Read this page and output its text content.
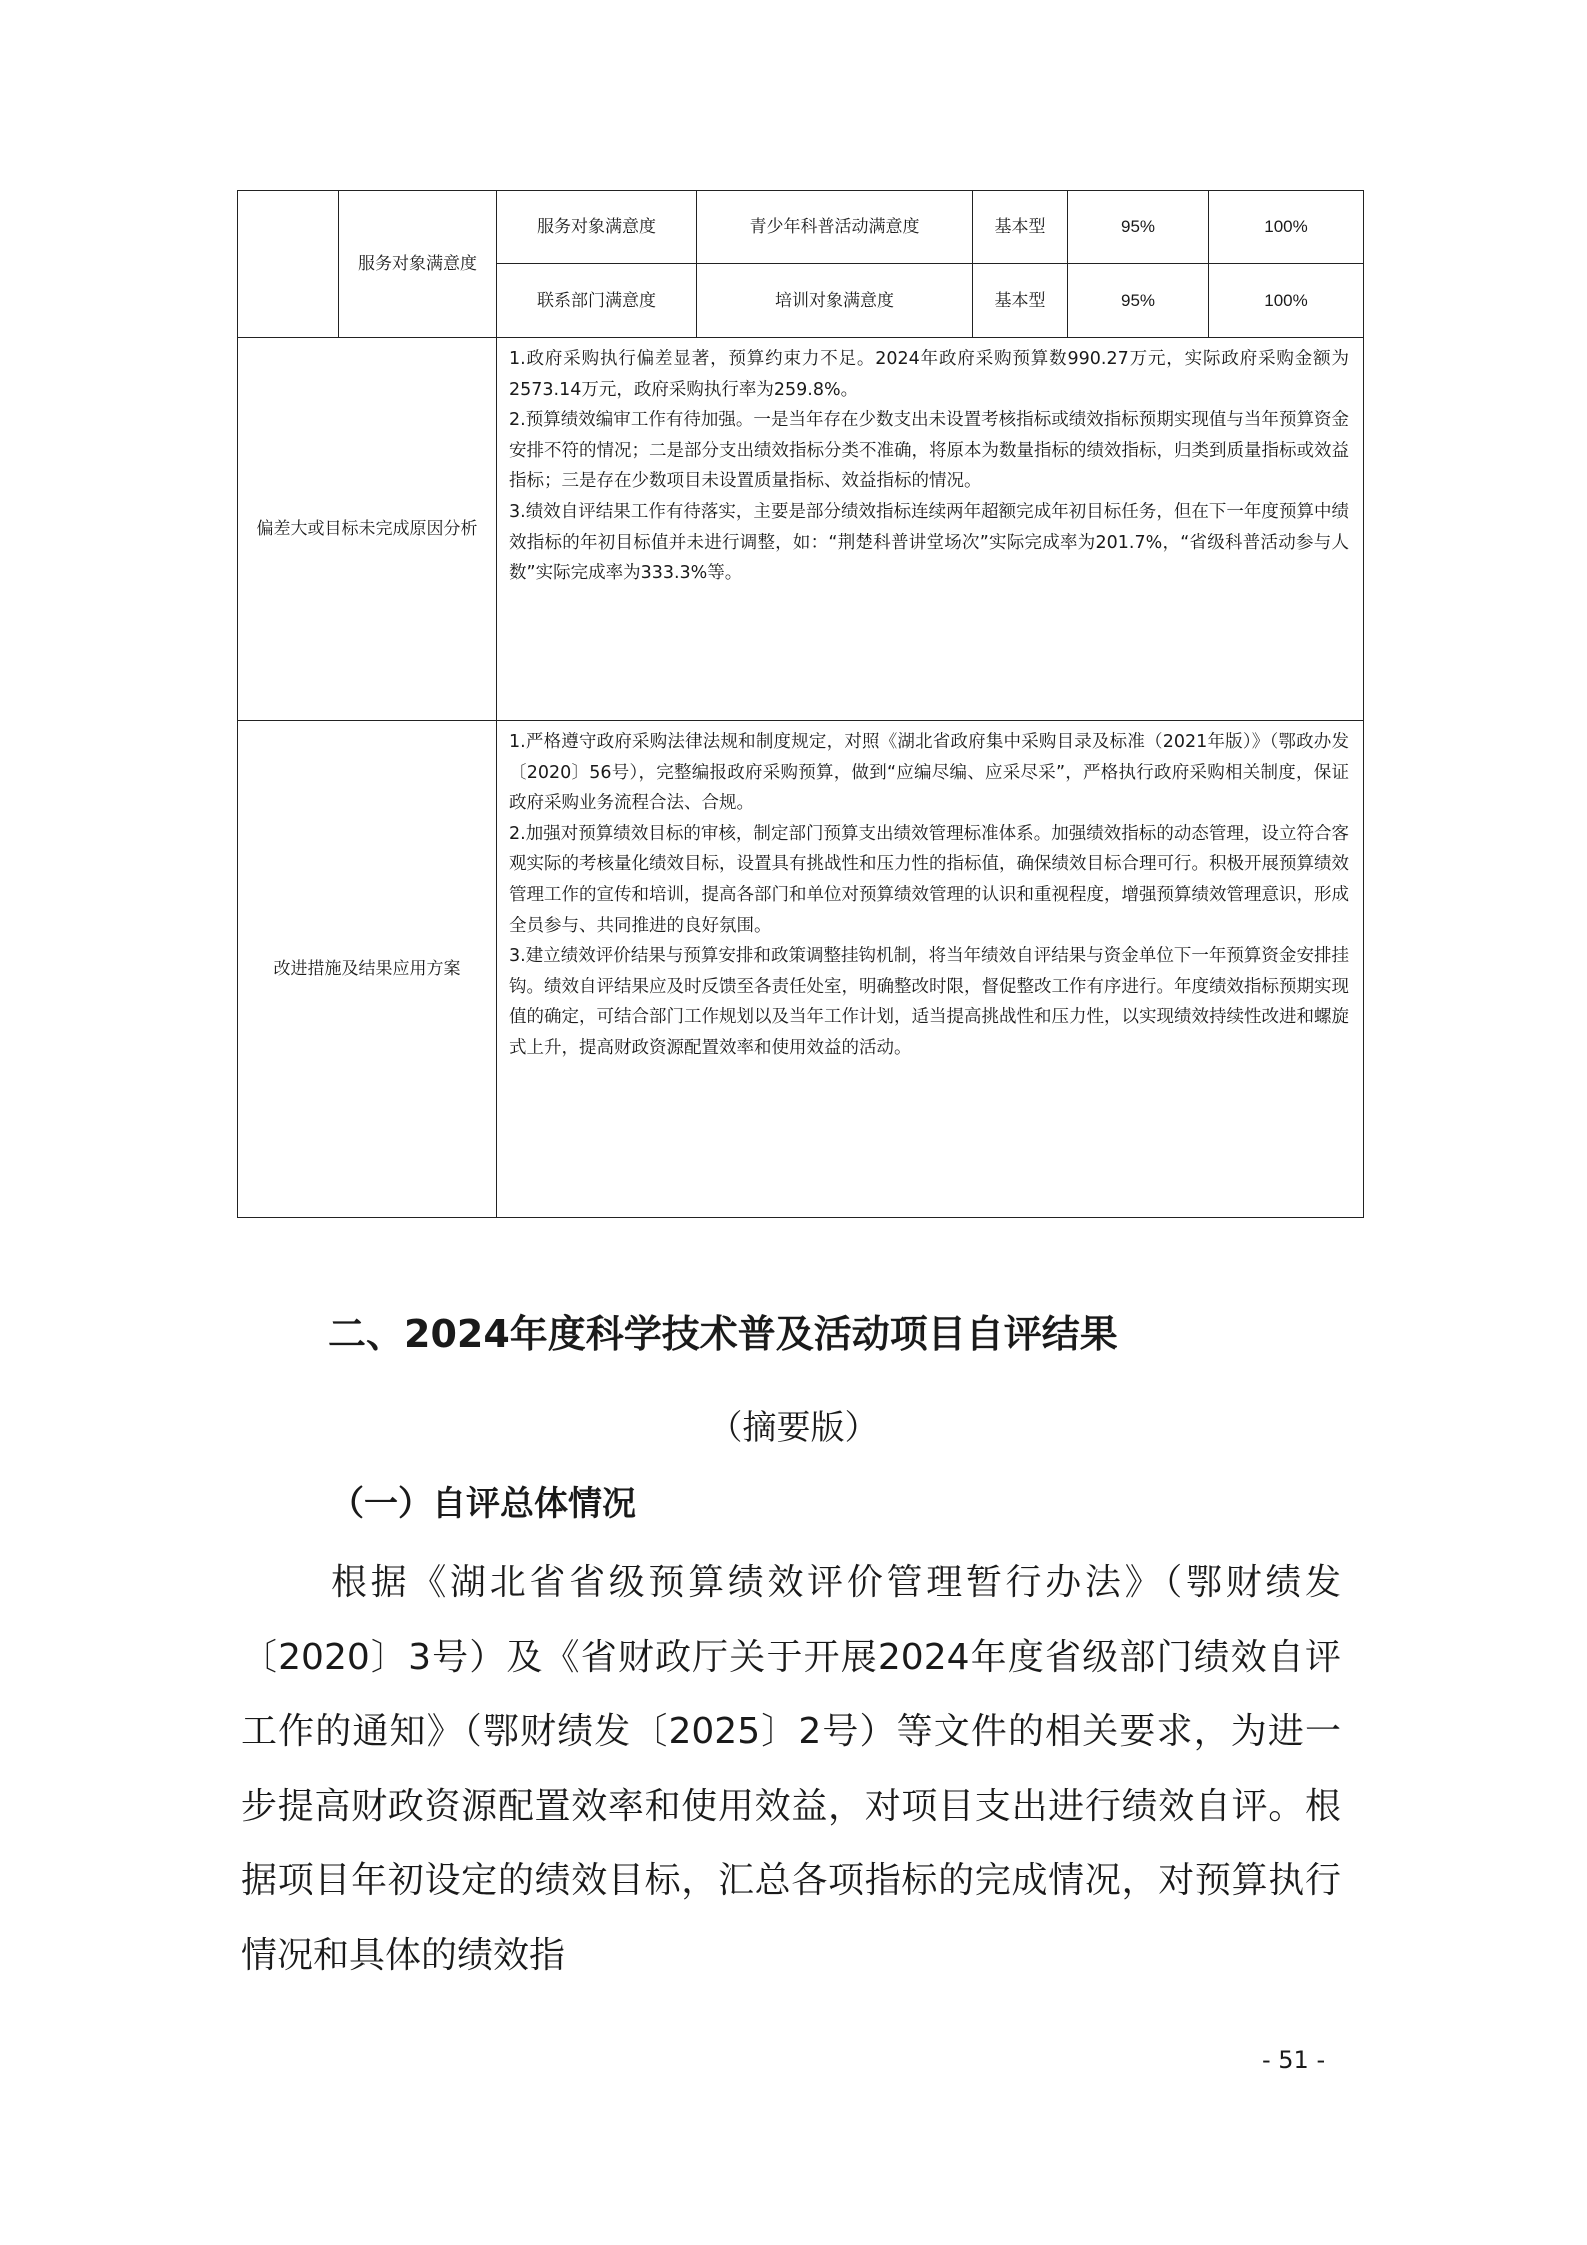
	服务对象满意度	服务对象满意度	青少年科普活动满意度	基本型	95%	100%
		联系部门满意度	培训对象满意度	基本型	95%	100%
偏差大或目标未完成原因分析		1.政府采购执行偏差显著，预算约束力不足。2024年政府采购预算数990.27万元，实际政府采购金额为2573.14万元，政府采购执行率为259.8%。

2.预算绩效编审工作有待加强。一是当年存在少数支出未设置考核指标或绩效指标预期实现值与当年预算资金安排不符的情况；二是部分支出绩效指标分类不准确，将原本为数量指标的绩效指标，归类到质量指标或效益指标；三是存在少数项目未设置质量指标、效益指标的情况。

3.绩效自评结果工作有待落实，主要是部分绩效指标连续两年超额完成年初目标任务，但在下一年度预算中绩效指标的年初目标值并未进行调整，如：“荆楚科普讲堂场次”实际完成率为201.7%，“省级科普活动参与人数”实际完成率为333.3%等。				

改进措施及结果应用方案		1.严格遵守政府采购法律法规和制度规定，对照《湖北省政府集中采购目录及标准（2021年版）》（鄂政办发〔2020〕56号），完整编报政府采购预算，做到“应编尽编、应采尽采”，严格执行政府采购相关制度，保证政府采购业务流程合法、合规。

2.加强对预算绩效目标的审核，制定部门预算支出绩效管理标准体系。加强绩效指标的动态管理，设立符合客观实际的考核量化绩效目标，设置具有挑战性和压力性的指标值，确保绩效目标合理可行。积极开展预算绩效管理工作的宣传和培训，提高各部门和单位对预算绩效管理的认识和重视程度，增强预算绩效管理意识，形成全员参与、共同推进的良好氛围。

3.建立绩效评价结果与预算安排和政策调整挂钩机制，将当年绩效自评结果与资金单位下一年预算资金安排挂钩。绩效自评结果应及时反馈至各责任处室，明确整改时限，督促整改工作有序进行。年度绩效指标预期实现值的确定，可结合部门工作规划以及当年工作计划，适当提高挑战性和压力性，以实现绩效持续性改进和螺旋式上升，提高财政资源配置效率和使用效益的活动。				

二、2024年度科学技术普及活动项目自评结果

（摘要版）

（一）自评总体情况

根据《湖北省省级预算绩效评价管理暂行办法》（鄂财绩发〔2020〕3号）及《省财政厅关于开展2024年度省级部门绩效自评工作的通知》（鄂财绩发〔2025〕2号）等文件的相关要求，为进一步提高财政资源配置效率和使用效益，对项目支出进行绩效自评。根据项目年初设定的绩效目标，汇总各项指标的完成情况，对预算执行情况和具体的绩效指

- 51 -
